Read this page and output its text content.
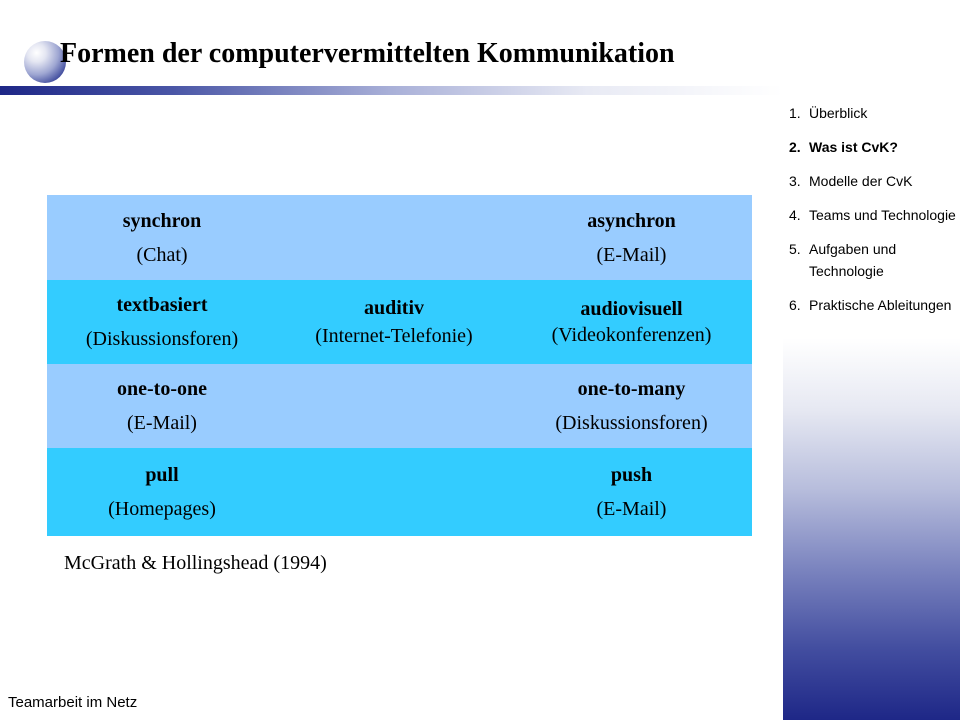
Formen der computervermittelten Kommunikation
1. Überblick
2. Was ist CvK?
3. Modelle der CvK
4. Teams und Technologie
5. Aufgaben und Technologie
6. Praktische Ableitungen
synchron
(Chat)
asynchron
(E-Mail)
textbasiert
(Diskussionsforen)
auditiv
(Internet-Telefonie)
audiovisuell
(Videokonferenzen)
one-to-one
(E-Mail)
one-to-many
(Diskussionsforen)
pull
(Homepages)
push
(E-Mail)
McGrath & Hollingshead (1994)
Teamarbeit im Netz
